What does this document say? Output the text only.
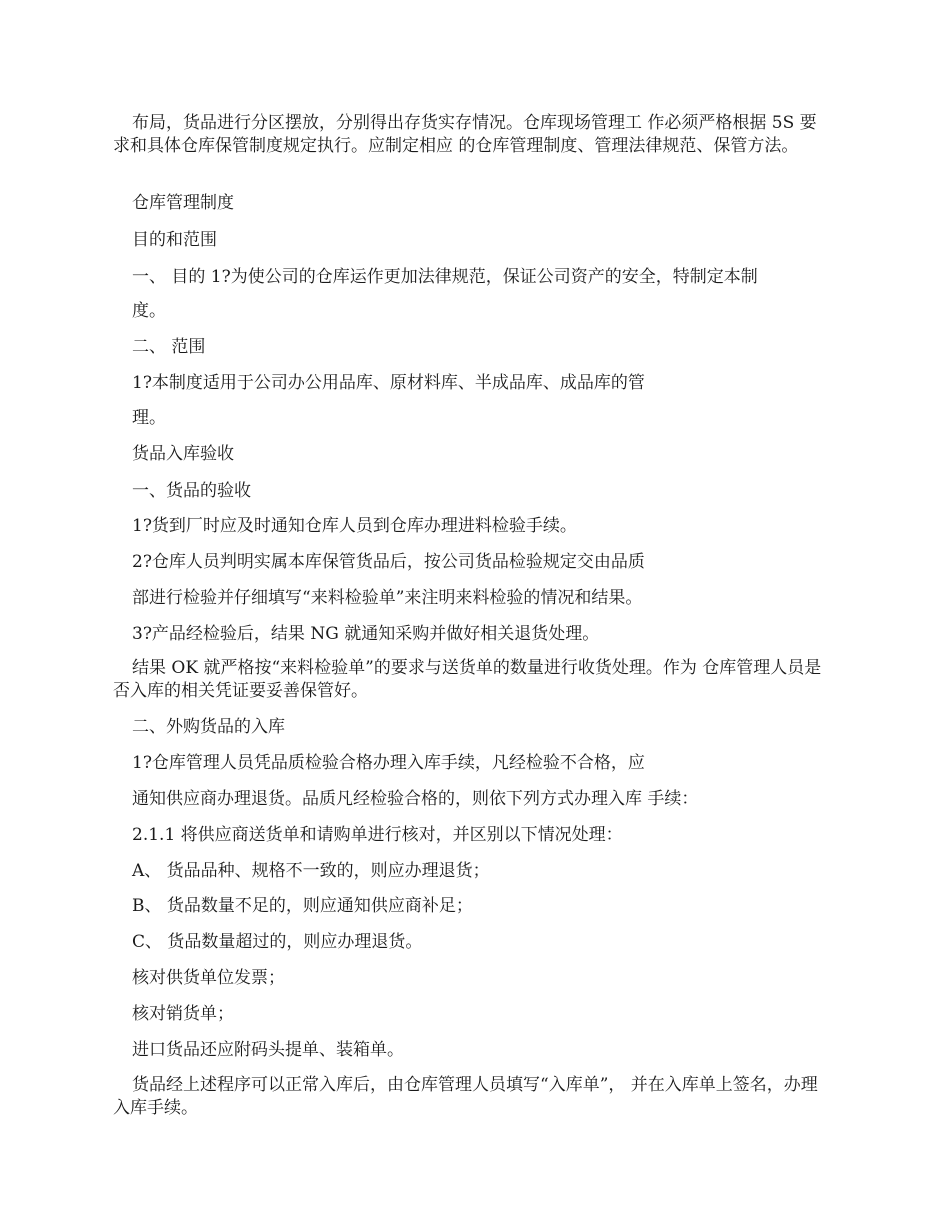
布局，货品进行分区摆放，分别得出存货实存情况。仓库现场管理工 作必须严格根据 5S 要求和具体仓库保管制度规定执行。应制定相应 的仓库管理制度、管理法律规范、保管方法。
仓库管理制度
目的和范围
一、 目的 1?为使公司的仓库运作更加法律规范，保证公司资产的安全，特制定本制
度。
二、 范围
1?本制度适用于公司办公用品库、原材料库、半成品库、成品库的管
理。
货品入库验收
一、货品的验收
1?货到厂时应及时通知仓库人员到仓库办理进料检验手续。
2?仓库人员判明实属本库保管货品后，按公司货品检验规定交由品质
部进行检验并仔细填写“来料检验单”来注明来料检验的情况和结果。
3?产品经检验后，结果 NG 就通知采购并做好相关退货处理。
结果 OK 就严格按“来料检验单”的要求与送货单的数量进行收货处理。作为 仓库管理人员是否入库的相关凭证要妥善保管好。
二、外购货品的入库
1?仓库管理人员凭品质检验合格办理入库手续，凡经检验不合格，应
通知供应商办理退货。品质凡经检验合格的，则依下列方式办理入库 手续：
2.1.1 将供应商送货单和请购单进行核对，并区别以下情况处理：
A、 货品品种、规格不一致的，则应办理退货；
B、 货品数量不足的，则应通知供应商补足；
C、 货品数量超过的，则应办理退货。
核对供货单位发票；
核对销货单；
进口货品还应附码头提单、装箱单。
货品经上述程序可以正常入库后，由仓库管理人员填写“入库单”， 并在入库单上签名，办理入库手续。
